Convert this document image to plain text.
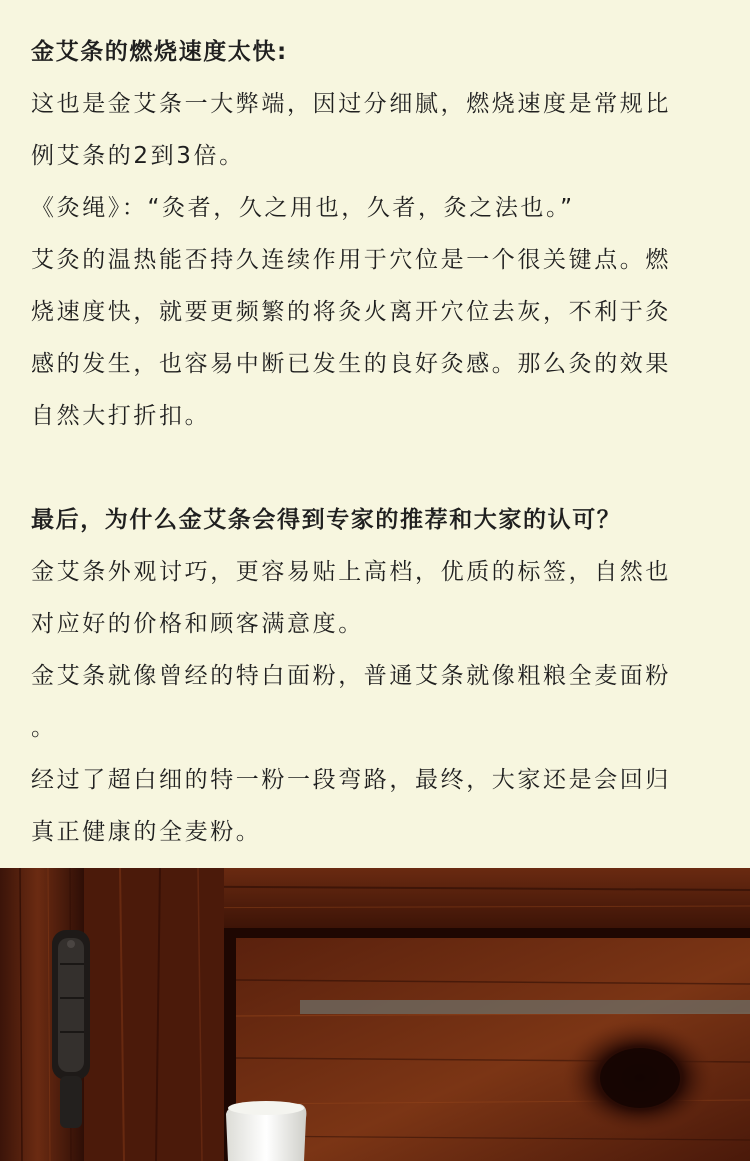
金艾条的燃烧速度太快:
这也是金艾条一大弊端，因过分细腻，燃烧速度是常规比
例艾条的2到3倍。
《灸绳》：“灸者，久之用也，久者，灸之法也。”
艾灸的温热能否持久连续作用于穴位是一个很关键点。燃
烧速度快，就要更频繁的将灸火离开穴位去灰，不利于灸
感的发生，也容易中断已发生的良好灸感。那么灸的效果
自然大打折扣。
最后，为什么金艾条会得到专家的推荐和大家的认可？
金艾条外观讨巧，更容易贴上高档，优质的标签，自然也
对应好的价格和顾客满意度。
金艾条就像曾经的特白面粉，普通艾条就像粗粮全麦面粉
。
经过了超白细的特一粉一段弯路，最终，大家还是会回归
真正健康的全麦粉。
